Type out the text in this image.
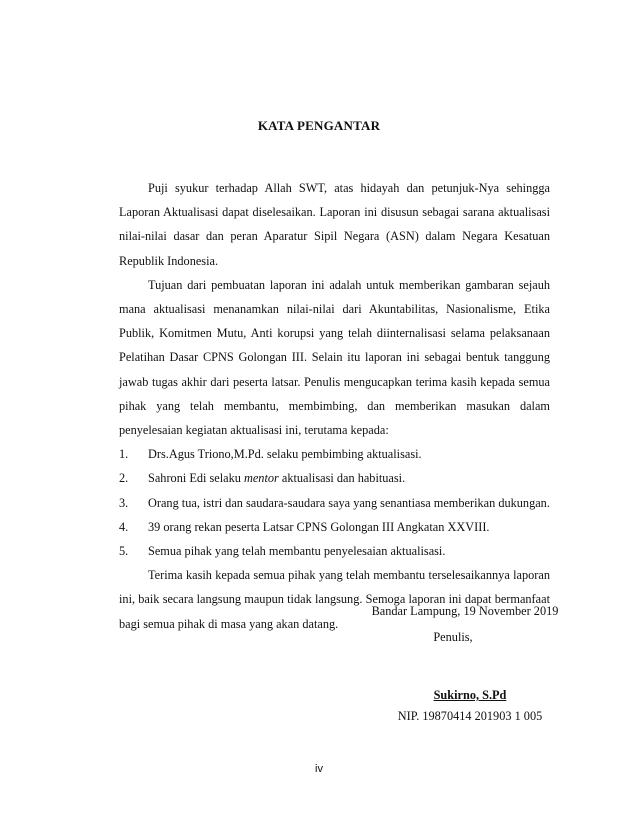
KATA PENGANTAR

Puji syukur terhadap Allah SWT, atas hidayah dan petunjuk-Nya sehingga Laporan Aktualisasi dapat diselesaikan. Laporan ini disusun sebagai sarana aktualisasi nilai-nilai dasar dan peran Aparatur Sipil Negara (ASN) dalam Negara Kesatuan Republik Indonesia.

Tujuan dari pembuatan laporan ini adalah untuk memberikan gambaran sejauh mana aktualisasi menanamkan nilai-nilai dari Akuntabilitas, Nasionalisme, Etika Publik, Komitmen Mutu, Anti korupsi yang telah diinternalisasi selama pelaksanaan Pelatihan Dasar CPNS Golongan III. Selain itu laporan ini sebagai bentuk tanggung jawab tugas akhir dari peserta latsar. Penulis mengucapkan terima kasih kepada semua pihak yang telah membantu, membimbing, dan memberikan masukan dalam penyelesaian kegiatan aktualisasi ini, terutama kepada:

1. Drs.Agus Triono,M.Pd. selaku pembimbing aktualisasi.
2. Sahroni Edi selaku mentor aktualisasi dan habituasi.
3. Orang tua, istri dan saudara-saudara saya yang senantiasa memberikan dukungan.
4. 39 orang rekan peserta Latsar CPNS Golongan III Angkatan XXVIII.
5. Semua pihak yang telah membantu penyelesaian aktualisasi.

Terima kasih kepada semua pihak yang telah membantu terselesaikannya laporan ini, baik secara langsung maupun tidak langsung. Semoga laporan ini dapat bermanfaat bagi semua pihak di masa yang akan datang.

Bandar Lampung, 19 November 2019
Penulis,
Sukirno, S.Pd
NIP. 19870414 201903 1 005
iv
